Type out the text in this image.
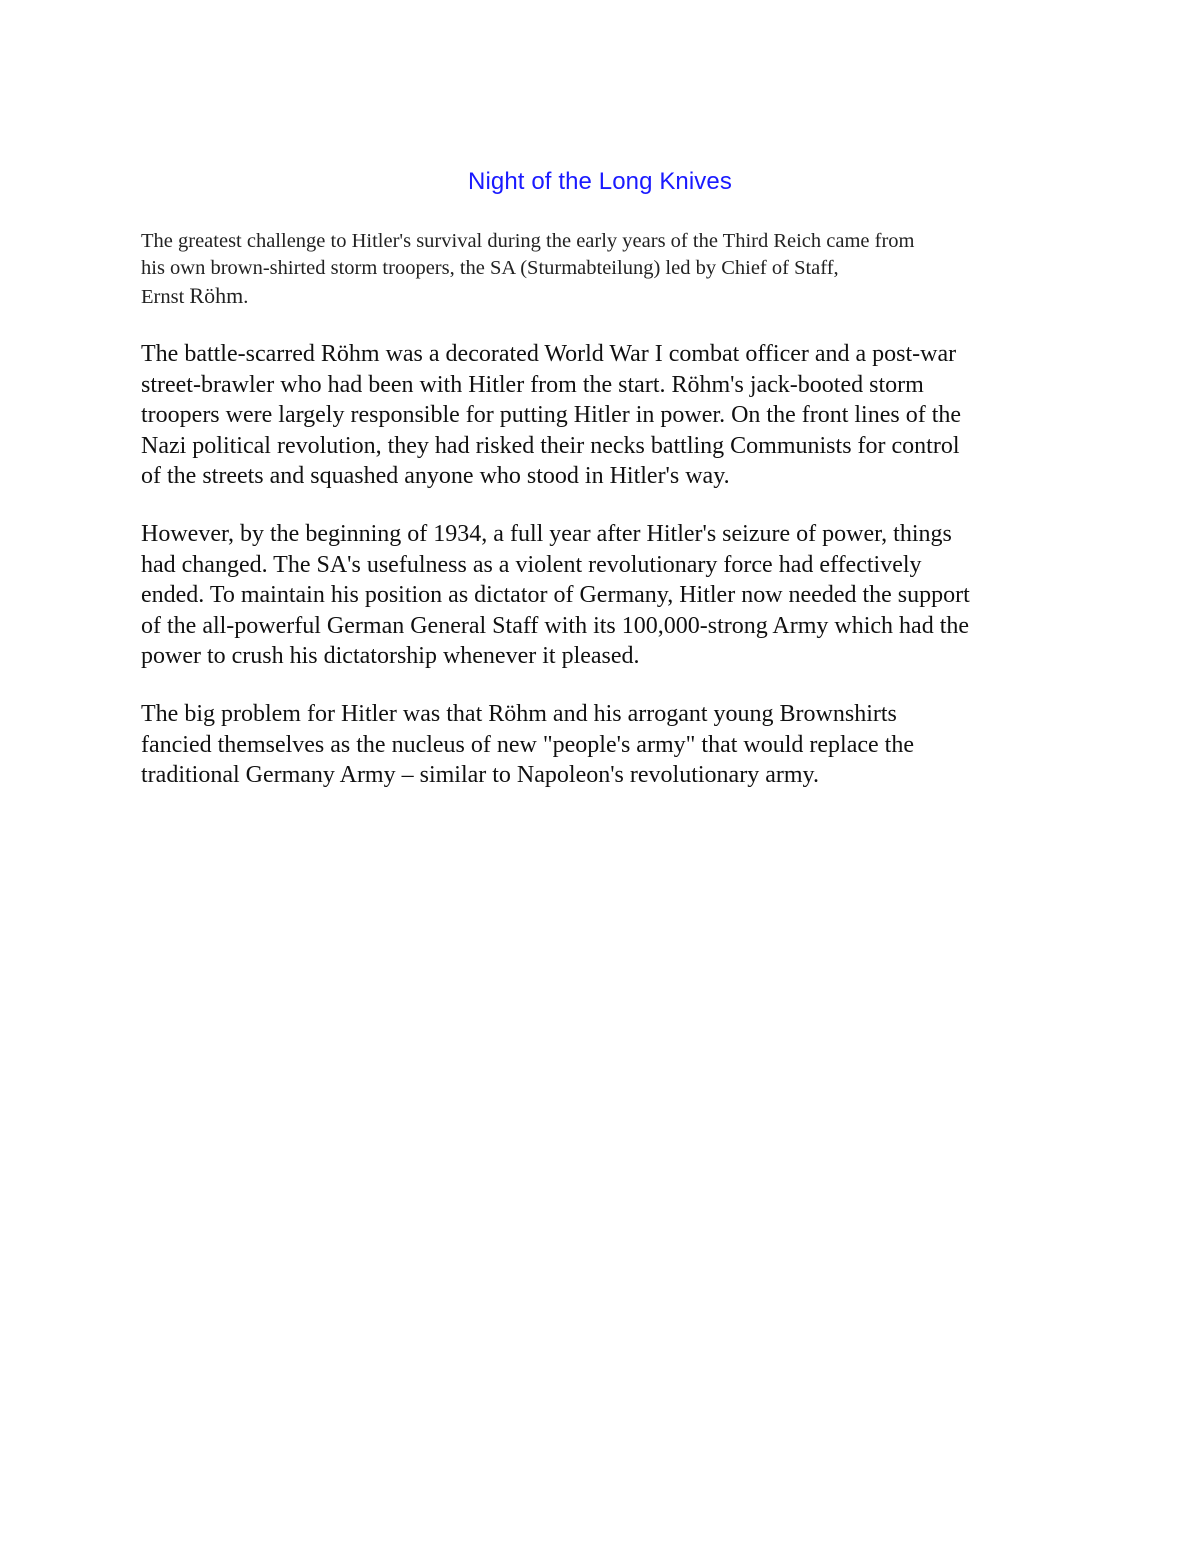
Night of the Long Knives

The greatest challenge to Hitler's survival during the early years of the Third Reich came from
his own brown-shirted storm troopers, the SA (Sturmabteilung) led by Chief of Staff,
Ernst Röhm.

The battle-scarred Röhm was a decorated World War I combat officer and a post-war
street-brawler who had been with Hitler from the start. Röhm's jack-booted storm
troopers were largely responsible for putting Hitler in power. On the front lines of the
Nazi political revolution, they had risked their necks battling Communists for control
of the streets and squashed anyone who stood in Hitler's way.

However, by the beginning of 1934, a full year after Hitler's seizure of power, things
had changed. The SA's usefulness as a violent revolutionary force had effectively
ended. To maintain his position as dictator of Germany, Hitler now needed the support
of the all-powerful German General Staff with its 100,000-strong Army which had the
power to crush his dictatorship whenever it pleased.

The big problem for Hitler was that Röhm and his arrogant young Brownshirts
fancied themselves as the nucleus of new "people's army" that would replace the
traditional Germany Army – similar to Napoleon's revolutionary army.
